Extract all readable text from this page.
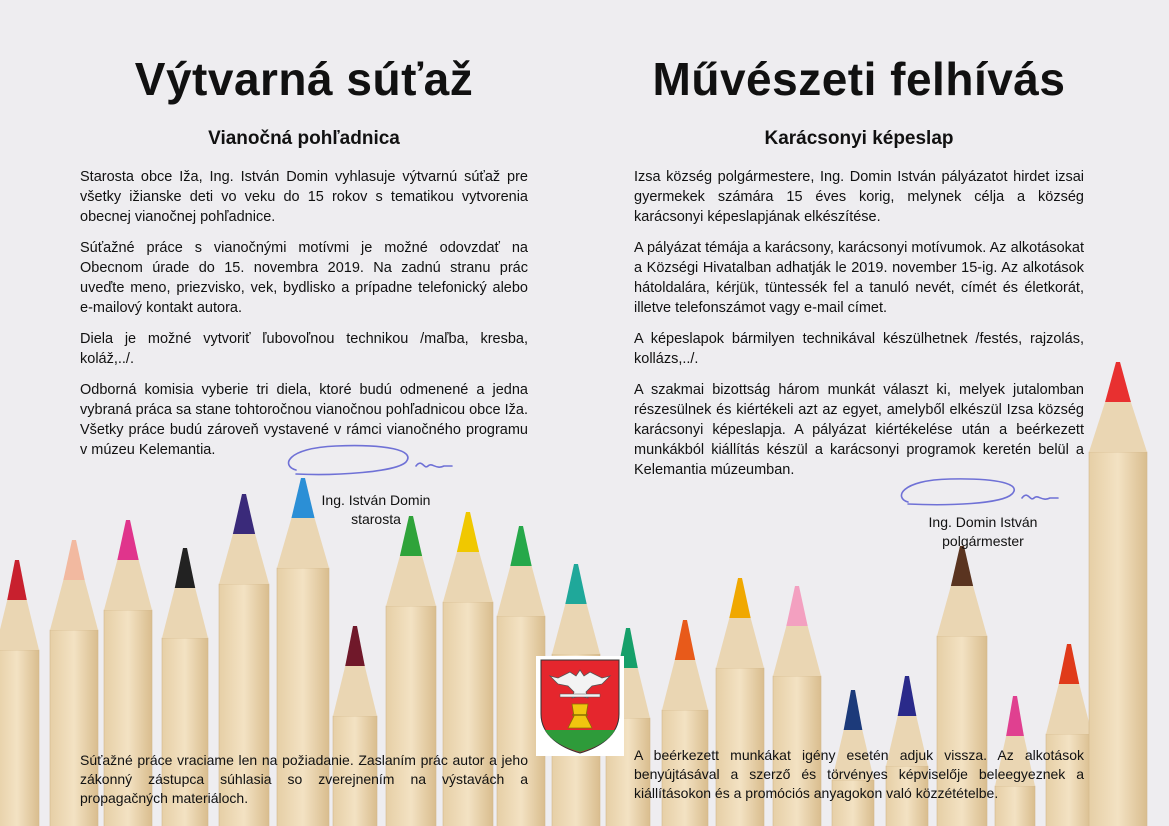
Výtvarná súťaž
Vianočná pohľadnica

Starosta obce Iža, Ing. István Domin vyhlasuje výtvarnú súťaž pre všetky ižianske deti vo veku do 15 rokov s tematikou vytvorenia obecnej vianočnej pohľadnice.

Súťažné práce s vianočnými motívmi je možné odovzdať na Obecnom úrade do 15. novembra 2019. Na zadnú stranu prác uveďte meno, priezvisko, vek, bydlisko a prípadne telefonický alebo e-mailový kontakt autora.

Diela je možné vytvoriť ľubovoľnou technikou /maľba, kresba, koláž,../.

Odborná komisia vyberie tri diela, ktoré budú odmenené a jedna vybraná práca sa stane tohtoročnou vianočnou pohľadnicou obce Iža. Všetky práce budú zároveň vystavené v rámci vianočného programu v múzeu Kelemantia.

Ing. István Domin
starosta
Súťažné práce vraciame len na požiadanie. Zaslaním prác autor a jeho zákonný zástupca súhlasia so zverejnením na výstavách a propagačných materiáloch.
Művészeti felhívás
Karácsonyi képeslap

Izsa község polgármestere, Ing. Domin István pályázatot hirdet izsai gyermekek számára 15 éves korig, melynek célja a község karácsonyi képeslapjának elkészítése.

A pályázat témája a karácsony, karácsonyi motívumok. Az alkotásokat a Községi Hivatalban adhatják le 2019. november 15-ig. Az alkotások hátoldalára, kérjük, tüntessék fel a tanuló nevét, címét és életkorát, illetve telefonszámot vagy e-mail címet.

A képeslapok bármilyen technikával készülhetnek /festés, rajzolás, kollázs,../.

A szakmai bizottság három munkát választ ki, melyek jutalomban részesülnek és kiértékeli azt az egyet, amelyből elkészül Izsa község karácsonyi képeslapja. A pályázat kiértékelése után a beérkezett munkákból kiállítás készül a karácsonyi programok keretén belül a Kelemantia múzeumban.

Ing. Domin István
polgármester
A beérkezett munkákat igény esetén adjuk vissza. Az alkotások benyújtásával a szerző és törvényes képviselője beleegyeznek a kiállításokon és a promóciós anyagokon való közzétételbe.
